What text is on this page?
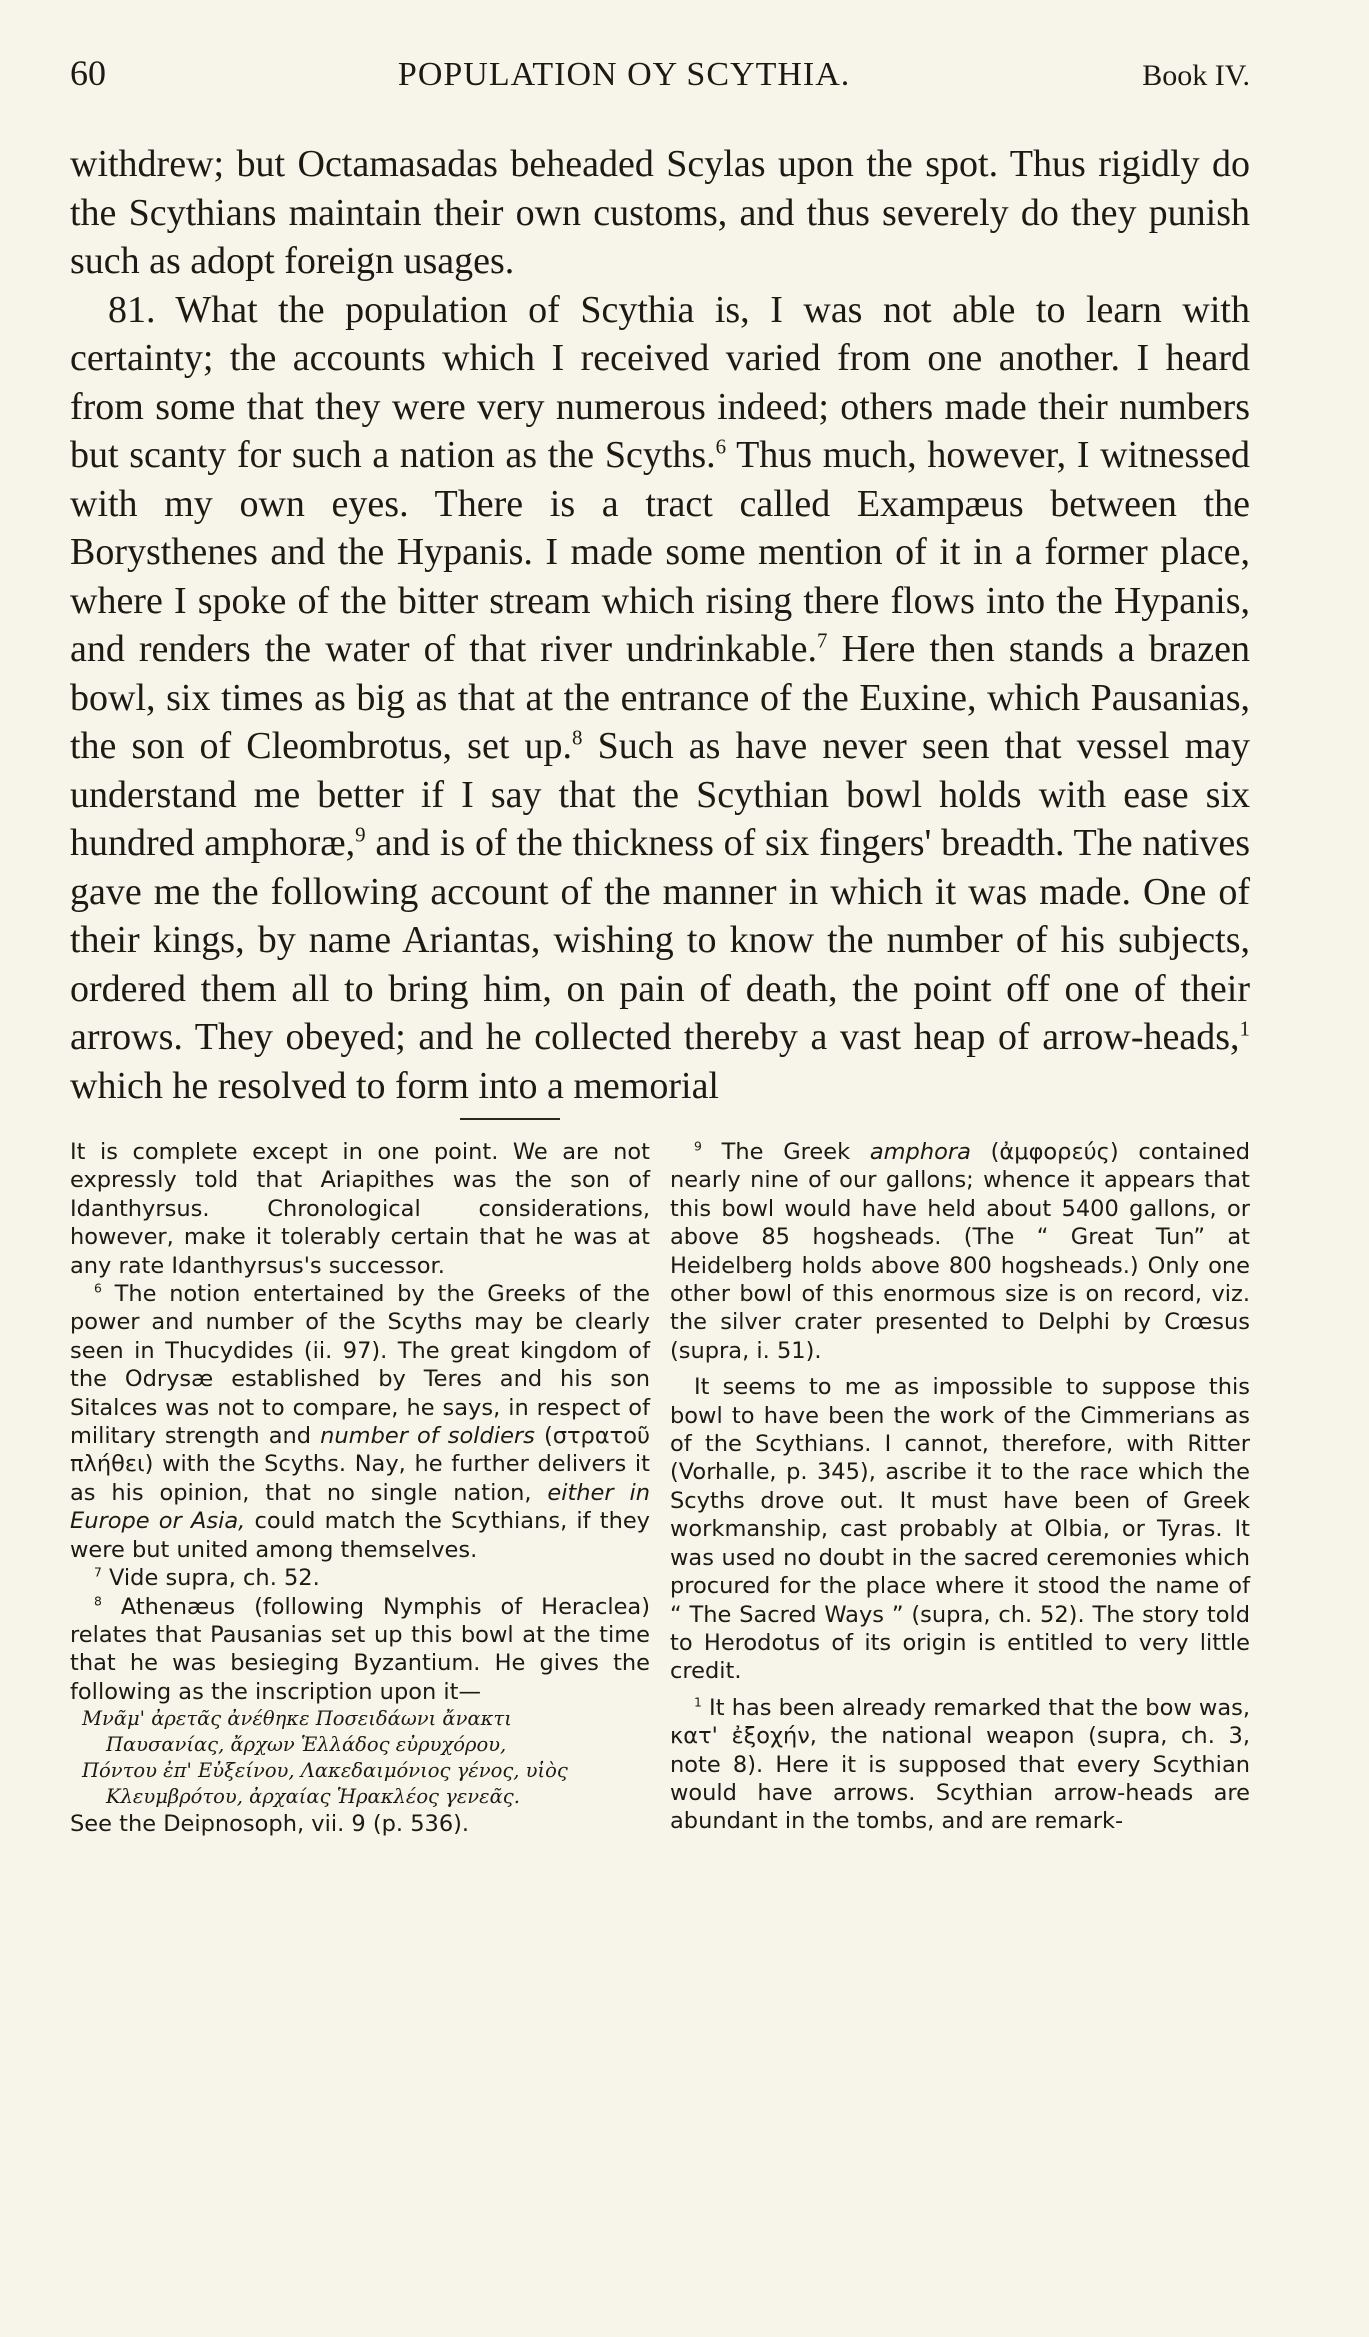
60	POPULATION OY SCYTHIA.	Book IV.

withdrew; but Octamasadas beheaded Scylas upon the spot. Thus rigidly do the Scythians maintain their own customs, and thus severely do they punish such as adopt foreign usages.

81. What the population of Scythia is, I was not able to learn with certainty; the accounts which I received varied from one another. I heard from some that they were very numerous indeed; others made their numbers but scanty for such a nation as the Scyths.$^6$ Thus much, however, I witnessed with my own eyes. There is a tract called Exampæus between the Borysthenes and the Hypanis. I made some mention of it in a former place, where I spoke of the bitter stream which rising there flows into the Hypanis, and renders the water of that river undrinkable.$^7$ Here then stands a brazen bowl, six times as big as that at the entrance of the Euxine, which Pausanias, the son of Cleombrotus, set up.$^8$ Such as have never seen that vessel may understand me better if I say that the Scythian bowl holds with ease six hundred amphoræ,$^9$ and is of the thickness of six fingers' breadth. The natives gave me the following account of the manner in which it was made. One of their kings, by name Ariantas, wishing to know the number of his subjects, ordered them all to bring him, on pain of death, the point off one of their arrows. They obeyed; and he collected thereby a vast heap of arrow-heads,$^1$ which he resolved to form into a memorial

It is complete except in one point. We are not expressly told that Ariapithes was the son of Idanthyrsus. Chronological considerations, however, make it tolerably certain that he was at any rate Idanthyrsus's successor.

$^6$ The notion entertained by the Greeks of the power and number of the Scyths may be clearly seen in Thucydides (ii. 97). The great kingdom of the Odrysæ established by Teres and his son Sitalces was not to compare, he says, in respect of military strength and number of soldiers (στρατοῦ πλήθει) with the Scyths. Nay, he further delivers it as his opinion, that no single nation, either in Europe or Asia, could match the Scythians, if they were but united among themselves.

$^7$ Vide supra, ch. 52.

$^8$ Athenæus (following Nymphis of Heraclea) relates that Pausanias set up this bowl at the time that he was besieging Byzantium. He gives the following as the inscription upon it—

Μνᾶμ' ἀρετᾶς ἀνέθηκε Ποσειδάωνι ἄνακτι
Παυσανίας, ἄρχων Ἑλλάδος εὐρυχόρου,
Πόντου ἐπ' Εὐξείνου, Λακεδαιμόνιος γένος, υἱὸς
Κλευμβρότου, ἀρχαίας Ἡρακλέος γενεᾶς.

See the Deipnosoph, vii. 9 (p. 536).

$^9$ The Greek amphora (ἀμφορεύς) contained nearly nine of our gallons; whence it appears that this bowl would have held about 5400 gallons, or above 85 hogsheads. (The “ Great Tun” at Heidelberg holds above 800 hogsheads.) Only one other bowl of this enormous size is on record, viz. the silver crater presented to Delphi by Crœsus (supra, i. 51).

It seems to me as impossible to suppose this bowl to have been the work of the Cimmerians as of the Scythians. I cannot, therefore, with Ritter (Vorhalle, p. 345), ascribe it to the race which the Scyths drove out. It must have been of Greek workmanship, cast probably at Olbia, or Tyras. It was used no doubt in the sacred ceremonies which procured for the place where it stood the name of “ The Sacred Ways ” (supra, ch. 52). The story told to Herodotus of its origin is entitled to very little credit.

$^1$ It has been already remarked that the bow was, κατ' ἐξοχήν, the national weapon (supra, ch. 3, note 8). Here it is supposed that every Scythian would have arrows. Scythian arrow-heads are abundant in the tombs, and are remark-
